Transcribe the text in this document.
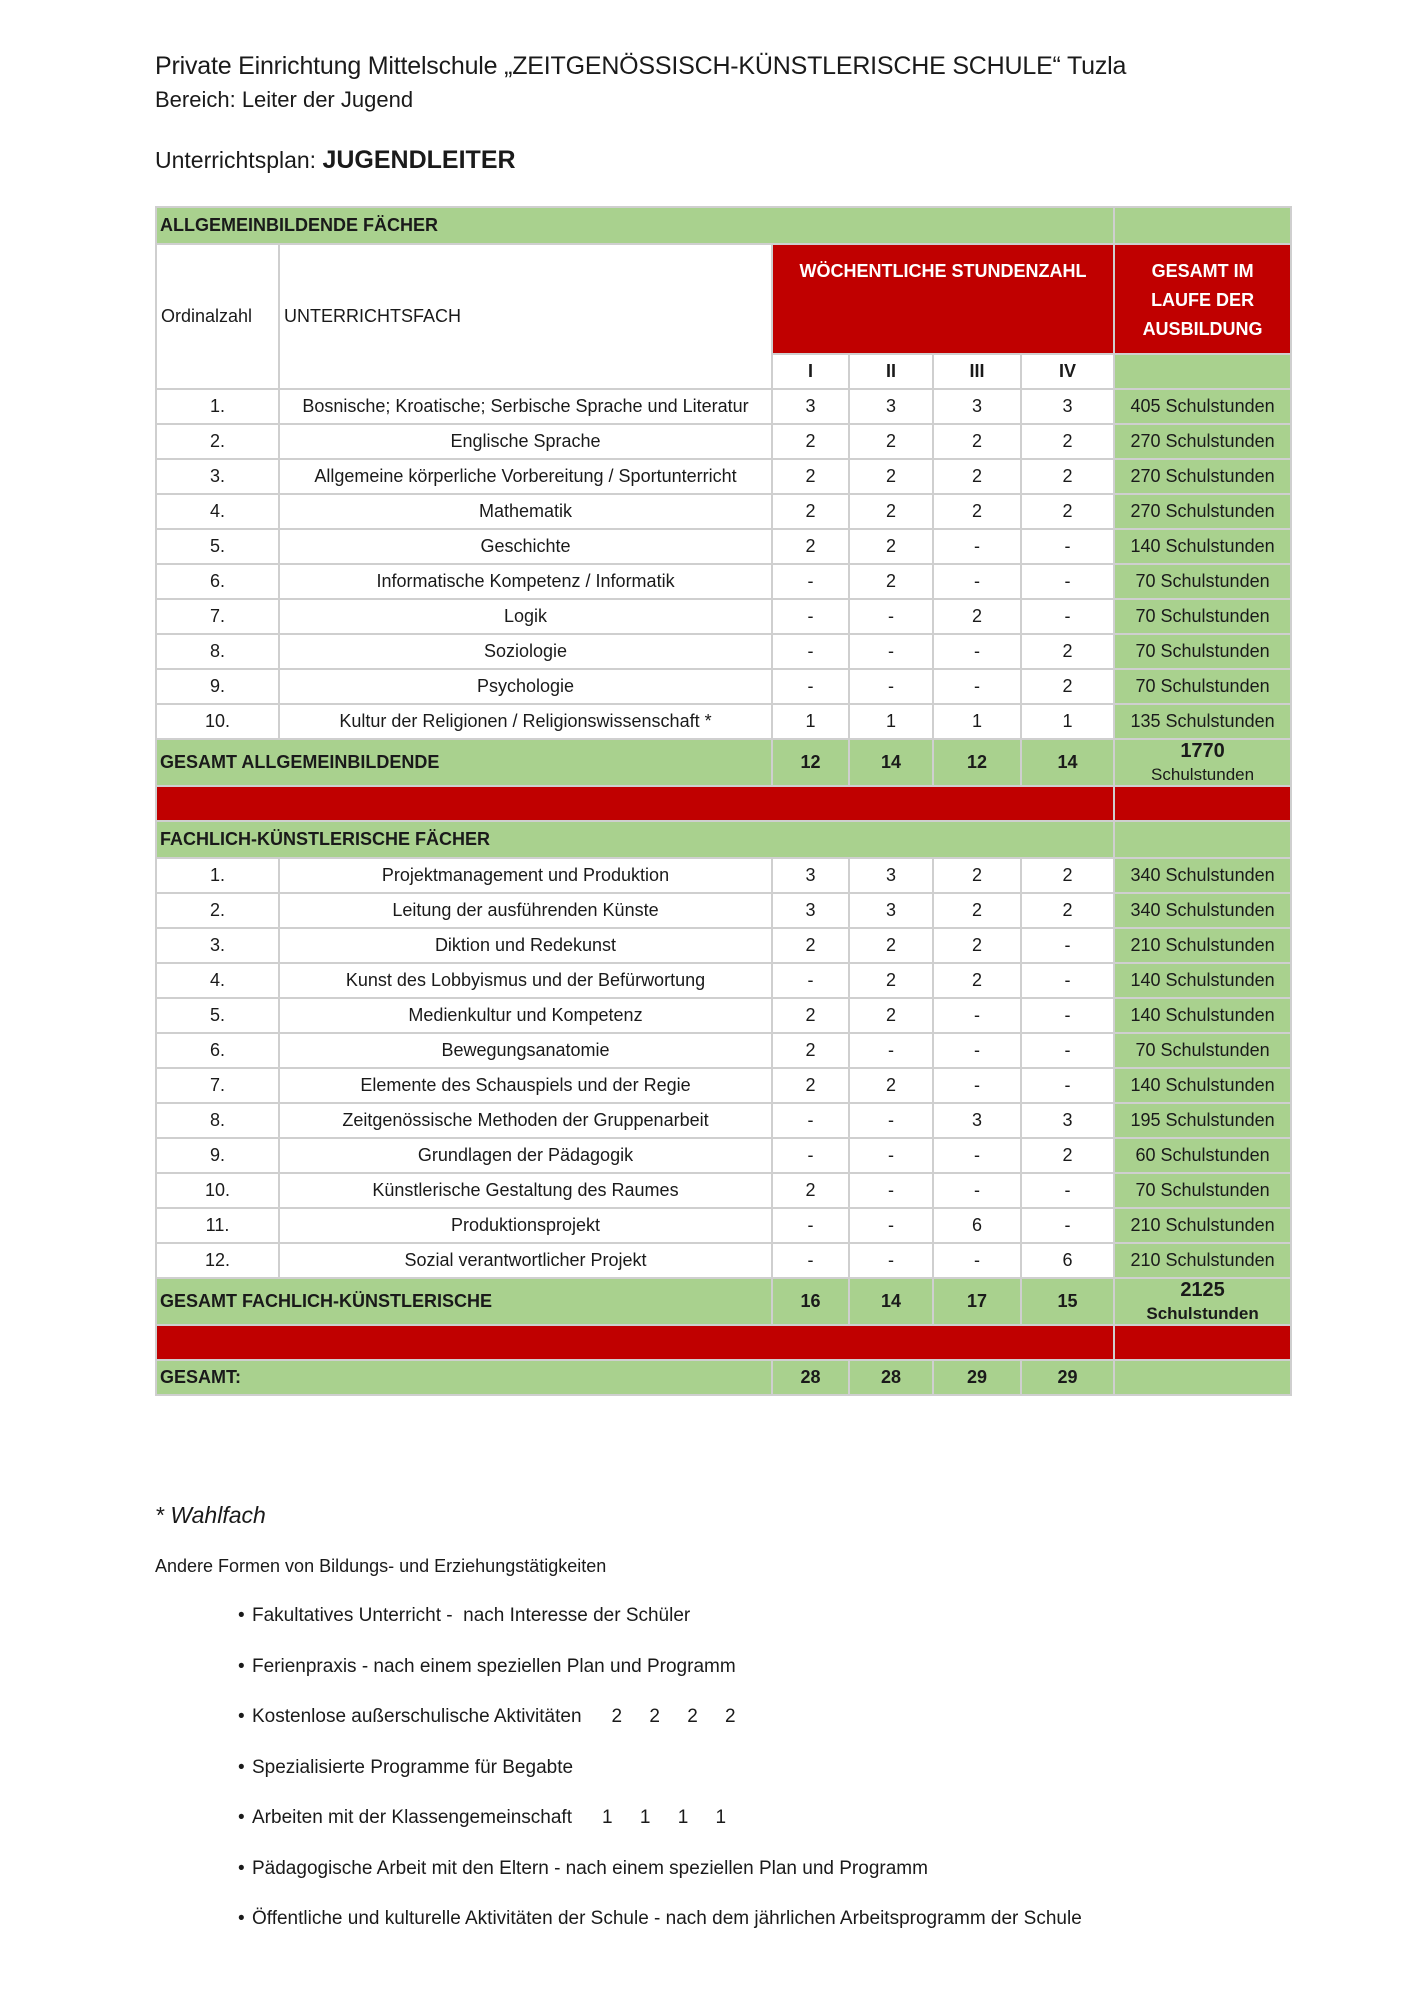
Private Einrichtung Mittelschule „ZEITGENÖSSISCH-KÜNSTLERISCHE SCHULE“ Tuzla
Bereich: Leiter der Jugend
Unterrichtsplan: JUGENDLEITER
ALLGEMEINBILDENDE FÄCHER						
Ordinalzahl	UNTERRICHTSFACH	WÖCHENTLICHE STUNDENZAHL				GESAMT IM LAUFE DER AUSBILDUNG
		I	II	III	IV	
1.	Bosnische; Kroatische; Serbische Sprache und Literatur	3	3	3	3	405 Schulstunden
2.	Englische Sprache	2	2	2	2	270 Schulstunden
3.	Allgemeine körperliche Vorbereitung / Sportunterricht	2	2	2	2	270 Schulstunden
4.	Mathematik	2	2	2	2	270 Schulstunden
5.	Geschichte	2	2	-	-	140 Schulstunden
6.	Informatische Kompetenz / Informatik	-	2	-	-	70 Schulstunden
7.	Logik	-	-	2	-	70 Schulstunden
8.	Soziologie	-	-	-	2	70 Schulstunden
9.	Psychologie	-	-	-	2	70 Schulstunden
10.	Kultur der Religionen / Religionswissenschaft *	1	1	1	1	135 Schulstunden
GESAMT ALLGEMEINBILDENDE		12	14	12	14	1770
Schulstunden

FACHLICH-KÜNSTLERISCHE FÄCHER						
1.	Projektmanagement und Produktion	3	3	2	2	340 Schulstunden
2.	Leitung der ausführenden Künste	3	3	2	2	340 Schulstunden
3.	Diktion und Redekunst	2	2	2	-	210 Schulstunden
4.	Kunst des Lobbyismus und der Befürwortung	-	2	2	-	140 Schulstunden
5.	Medienkultur und Kompetenz	2	2	-	-	140 Schulstunden
6.	Bewegungsanatomie	2	-	-	-	70 Schulstunden
7.	Elemente des Schauspiels und der Regie	2	2	-	-	140 Schulstunden
8.	Zeitgenössische Methoden der Gruppenarbeit	-	-	3	3	195 Schulstunden
9.	Grundlagen der Pädagogik	-	-	-	2	60 Schulstunden
10.	Künstlerische Gestaltung des Raumes	2	-	-	-	70 Schulstunden
11.	Produktionsprojekt	-	-	6	-	210 Schulstunden
12.	Sozial verantwortlicher Projekt	-	-	-	6	210 Schulstunden
GESAMT FACHLICH-KÜNSTLERISCHE		16	14	17	15	2125
Schulstunden

GESAMT:		28	28	29	29	
* Wahlfach
Andere Formen von Bildungs- und Erziehungstätigkeiten
• Fakultatives Unterricht -  nach Interesse der Schüler
• Ferienpraxis - nach einem speziellen Plan und Programm
• Kostenlose außerschulische Aktivitäten 2 2 2 2
• Spezialisierte Programme für Begabte
• Arbeiten mit der Klassengemeinschaft 1 1 1 1
• Pädagogische Arbeit mit den Eltern - nach einem speziellen Plan und Programm
• Öffentliche und kulturelle Aktivitäten der Schule - nach dem jährlichen Arbeitsprogramm der Schule
